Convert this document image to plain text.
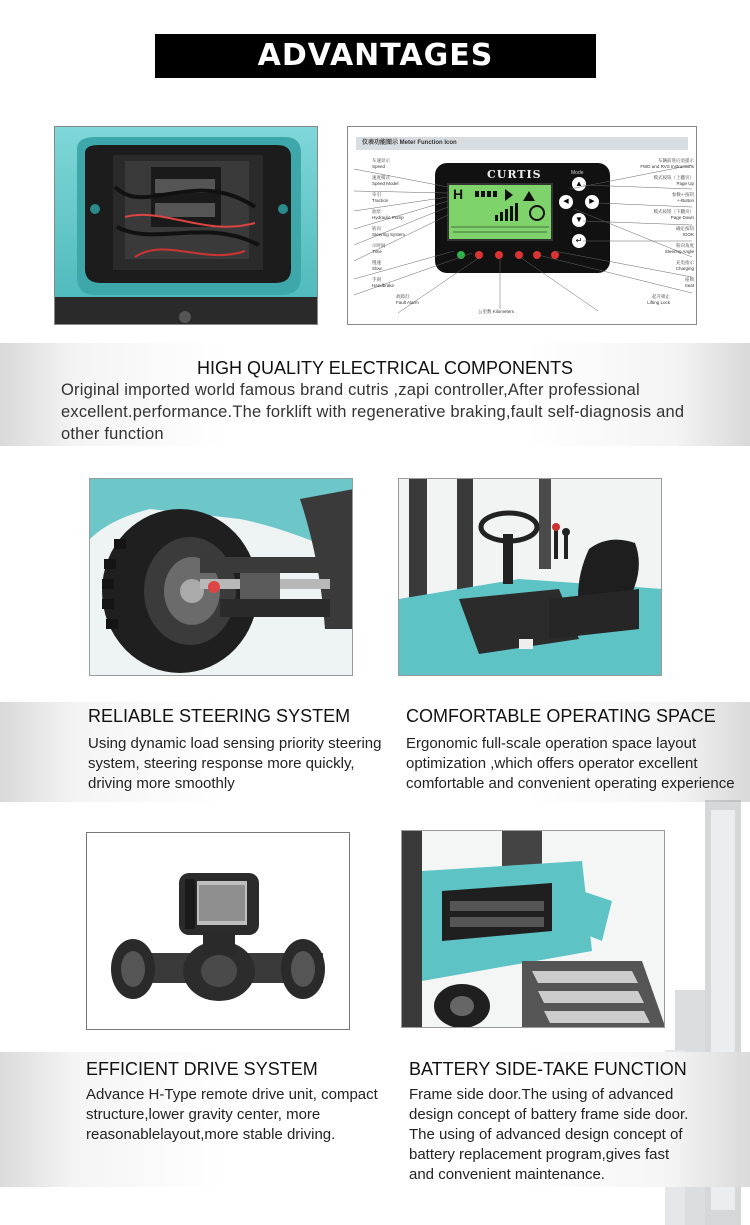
ADVANTAGES
仪表功能图示 Meter Function Icon
CURTIS
H
Mode
▲
◀	▶
▼
↵
车速显示
Speed
速度模式
Speed Model
牵引
Traction
油泵
Hydraulic Pump
转向
Steering System
示时间
Time
慢速
Slow
手刹
Handbrake
故障灯
Fault Alarm
车辆前进后退提示
FWD and RVS Instructions
模式按钮（上翻页）
Page Up
参数+-按钮
+-Button
模式按钮（下翻页）
Page Down
确定按钮
IDOK
转向角度
Steering Angle
充电指示
Charging
座椅
Seat
起升锁止
Lifting Lock
公里数 Kilometers
HIGH QUALITY ELECTRICAL COMPONENTS
Original imported world famous brand cutris ,zapi controller,After professional excellent.performance.The forklift with regenerative braking,fault self-diagnosis and other function
RELIABLE STEERING SYSTEM
Using dynamic load sensing priority steering system, steering response more quickly, driving more smoothly
COMFORTABLE OPERATING SPACE
Ergonomic full-scale operation space layout optimization ,which offers operator excellent comfortable and convenient operating experience
EFFICIENT DRIVE SYSTEM
Advance H-Type remote drive unit, compact structure,lower gravity center, more reasonablelayout,more stable driving.
BATTERY SIDE-TAKE FUNCTION
Frame side door.The using of advanced design concept of battery frame side door. The using of advanced design concept of battery replacement program,gives fast and convenient maintenance.
